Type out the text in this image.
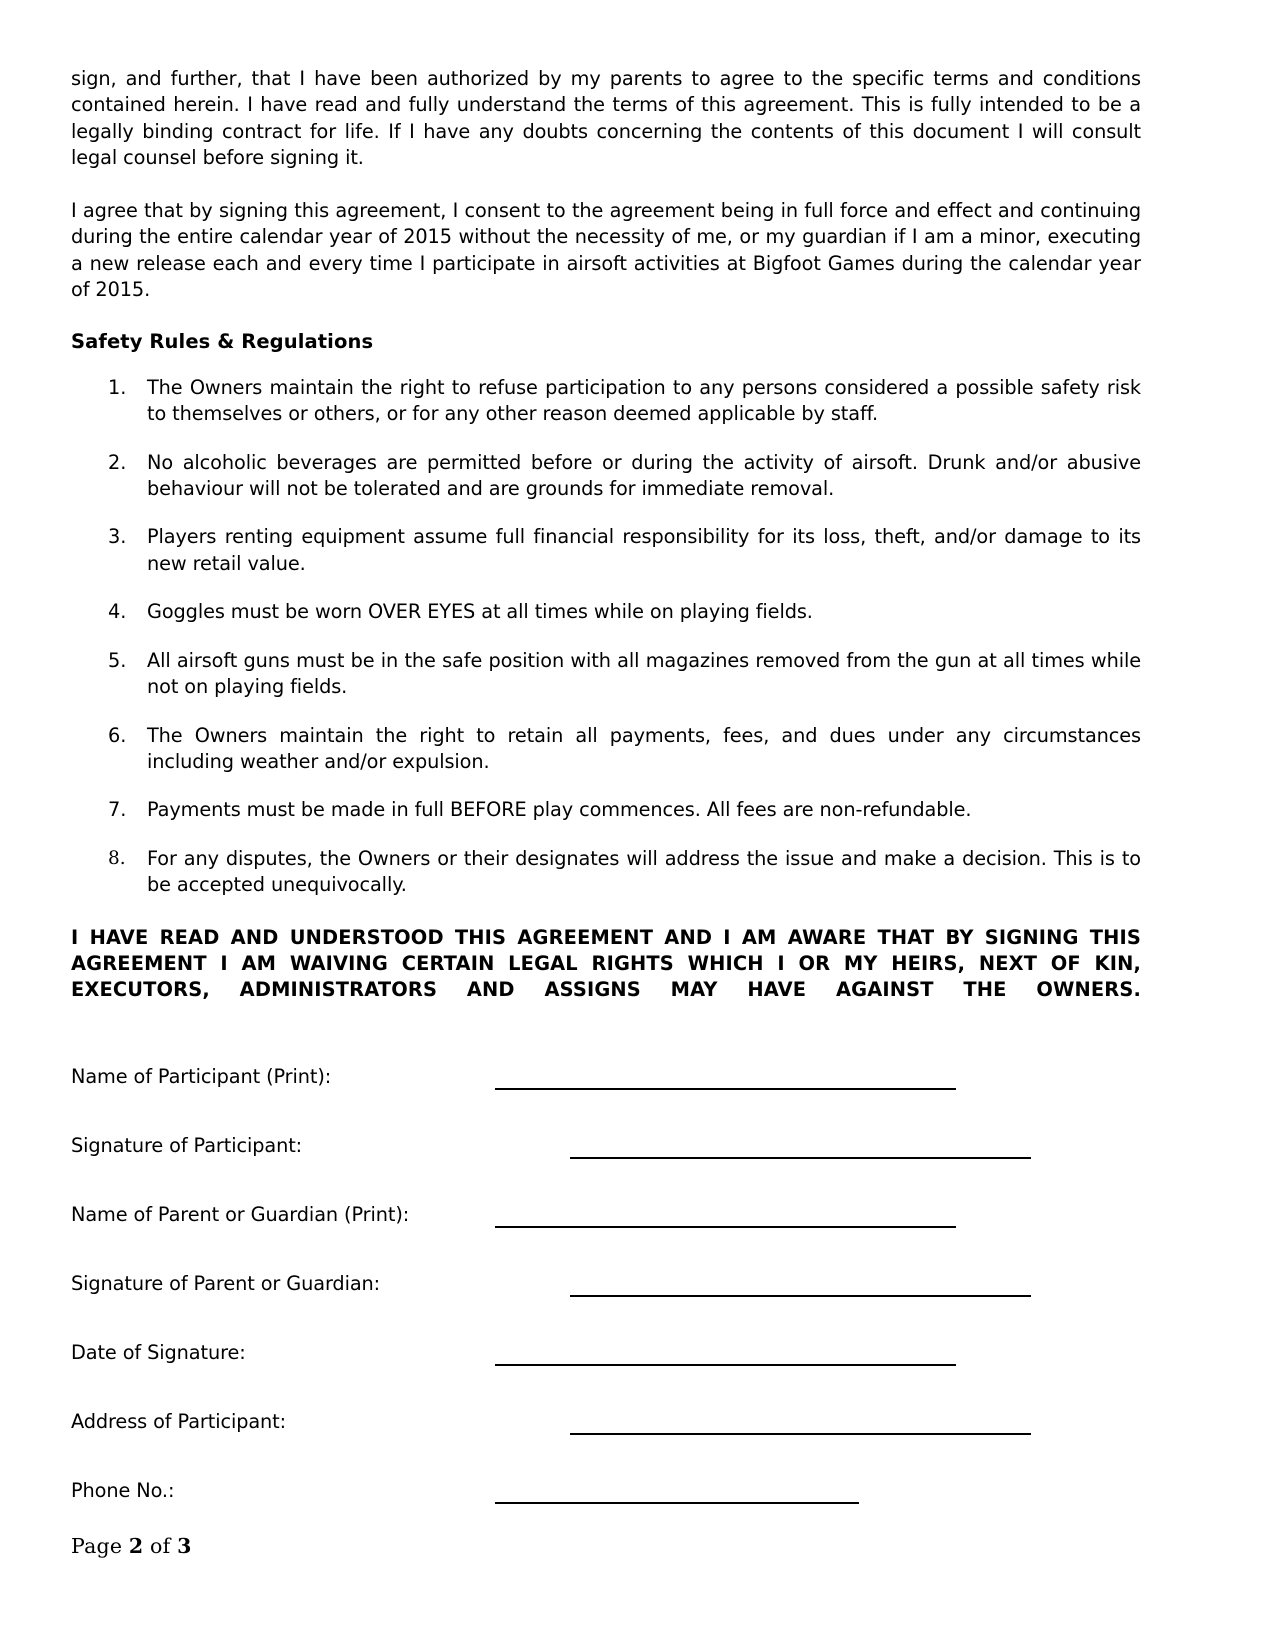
sign, and further, that I have been authorized by my parents to agree to the specific terms and conditions contained herein. I have read and fully understand the terms of this agreement. This is fully intended to be a legally binding contract for life. If I have any doubts concerning the contents of this document I will consult legal counsel before signing it.

I agree that by signing this agreement, I consent to the agreement being in full force and effect and continuing during the entire calendar year of 2015 without the necessity of me, or my guardian if I am a minor, executing a new release each and every time I participate in airsoft activities at Bigfoot Games during the calendar year of 2015.

Safety Rules & Regulations
The Owners maintain the right to refuse participation to any persons considered a possible safety risk to themselves or others, or for any other reason deemed applicable by staff.
No alcoholic beverages are permitted before or during the activity of airsoft. Drunk and/or abusive behaviour will not be tolerated and are grounds for immediate removal.
Players renting equipment assume full financial responsibility for its loss, theft, and/or damage to its new retail value.
Goggles must be worn OVER EYES at all times while on playing fields.
All airsoft guns must be in the safe position with all magazines removed from the gun at all times while not on playing fields.
The Owners maintain the right to retain all payments, fees, and dues under any circumstances including weather and/or expulsion.
Payments must be made in full BEFORE play commences. All fees are non-refundable.
For any disputes, the Owners or their designates will address the issue and make a decision. This is to be accepted unequivocally.

I HAVE READ AND UNDERSTOOD THIS AGREEMENT AND I AM AWARE THAT BY SIGNING THIS AGREEMENT I AM WAIVING CERTAIN LEGAL RIGHTS WHICH I OR MY HEIRS, NEXT OF KIN, EXECUTORS, ADMINISTRATORS AND ASSIGNS MAY HAVE AGAINST THE OWNERS.

Name of Participant (Print):
Signature of Participant:
Name of Parent or Guardian (Print):
Signature of Parent or Guardian:
Date of Signature:
Address of Participant:
Phone No.:
Page 2 of 3
